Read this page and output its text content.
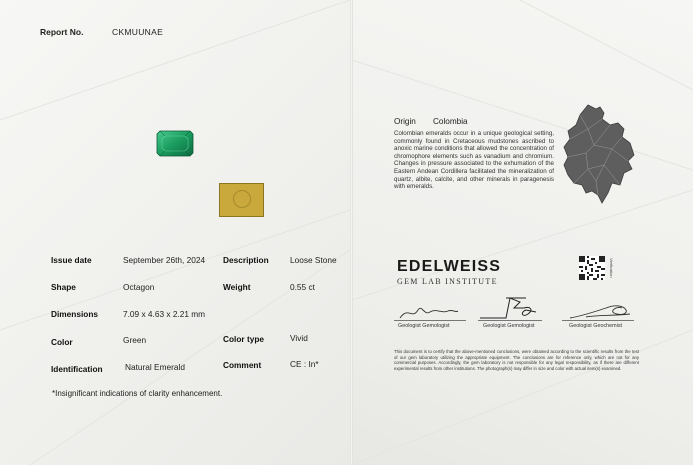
Report No.	CKMUUNAE
Issue date	September 26th, 2024 Description	Loose Stone
Shape	Octagon	Weight	0.55 ct
Dimensions	7.09 x 4.63 x 2.21 mm
Color	Green	Color type	Vivid
Identification	Natural Emerald	Comment	CE : In*
*Insignificant indications of clarity enhancement.
Origin Colombia
Colombian emeralds occur in a unique geological setting, commonly found in Cretaceous mudstones ascribed to anoxic marine conditions that allowed the concentration of chromophore elements such as vanadium and chromium. Changes in pressure associated to the exhumation of the Eastern Andean Cordillera facilitated the mineralization of quartz, albite, calcite, and other minerals in paragenesis with emeralds.
EDELWEISS
GEM LAB INSTITUTE
Verification
Geologist Gemologist	Geologist Gemologist	Geologist Geochemist
This document is to certify that the above-mentioned conclusions, were obtained according to the scientific results from the test of our gem laboratory utilizing the appropriate equipment. The conclusions are for reference only, which are not for any commercial purposes. Accordingly, the gem laboratory is not responsible for any legal responsibility, as if there are different experimental results from other institutions. The photograph(s) may differ in size and color with actual item(s) examined.
